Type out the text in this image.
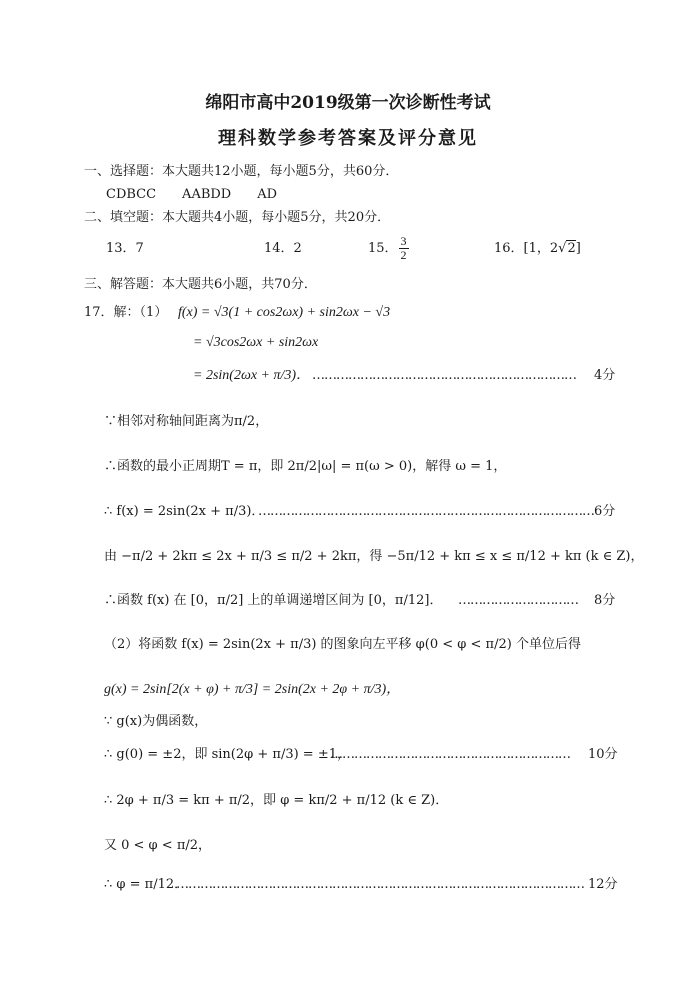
绵阳市高中2019级第一次诊断性考试
理科数学参考答案及评分意见
一、选择题：本大题共12小题，每小题5分，共60分．
CDBCC　　AABDD　　AD
二、填空题：本大题共4小题，每小题5分，共20分．
13．7	14．2	15． $\frac{3}{2}$	16．[1，2√2]
三、解答题：本大题共6小题，共70分．
17．解：（1） f(x) = √3(1 + cos2ωx) + sin2ωx − √3
= √3cos2ωx + sin2ωx
= 2sin(2ωx + π/3)． ………………………………………………………… 4分
∵相邻对称轴间距离为π/2，
∴函数的最小正周期T = π，即 2π/2|ω| = π(ω > 0)，解得 ω = 1，
∴ f(x) = 2sin(2x + π/3)．
………………………………………………………………………… 6分
由 −π/2 + 2kπ ≤ 2x + π/3 ≤ π/2 + 2kπ，得 −5π/12 + kπ ≤ x ≤ π/12 + kπ (k ∈ Z)，
∴函数 f(x) 在 [0，π/2] 上的单调递增区间为 [0，π/12]． ………………………… 8分
（2）将函数 f(x) = 2sin(2x + π/3) 的图象向左平移 φ(0 < φ < π/2) 个单位后得
g(x) = 2sin[2(x + φ) + π/3] = 2sin(2x + 2φ + π/3)，
∵ g(x)为偶函数，
∴ g(0) = ±2，即 sin(2φ + π/3) = ±1，
…………………………………………………… 10分
∴ 2φ + π/3 = kπ + π/2，即 φ = kπ/2 + π/12 (k ∈ Z)．
又 0 < φ < π/2，
∴ φ = π/12．
………………………………………………………………………………………… 12分
